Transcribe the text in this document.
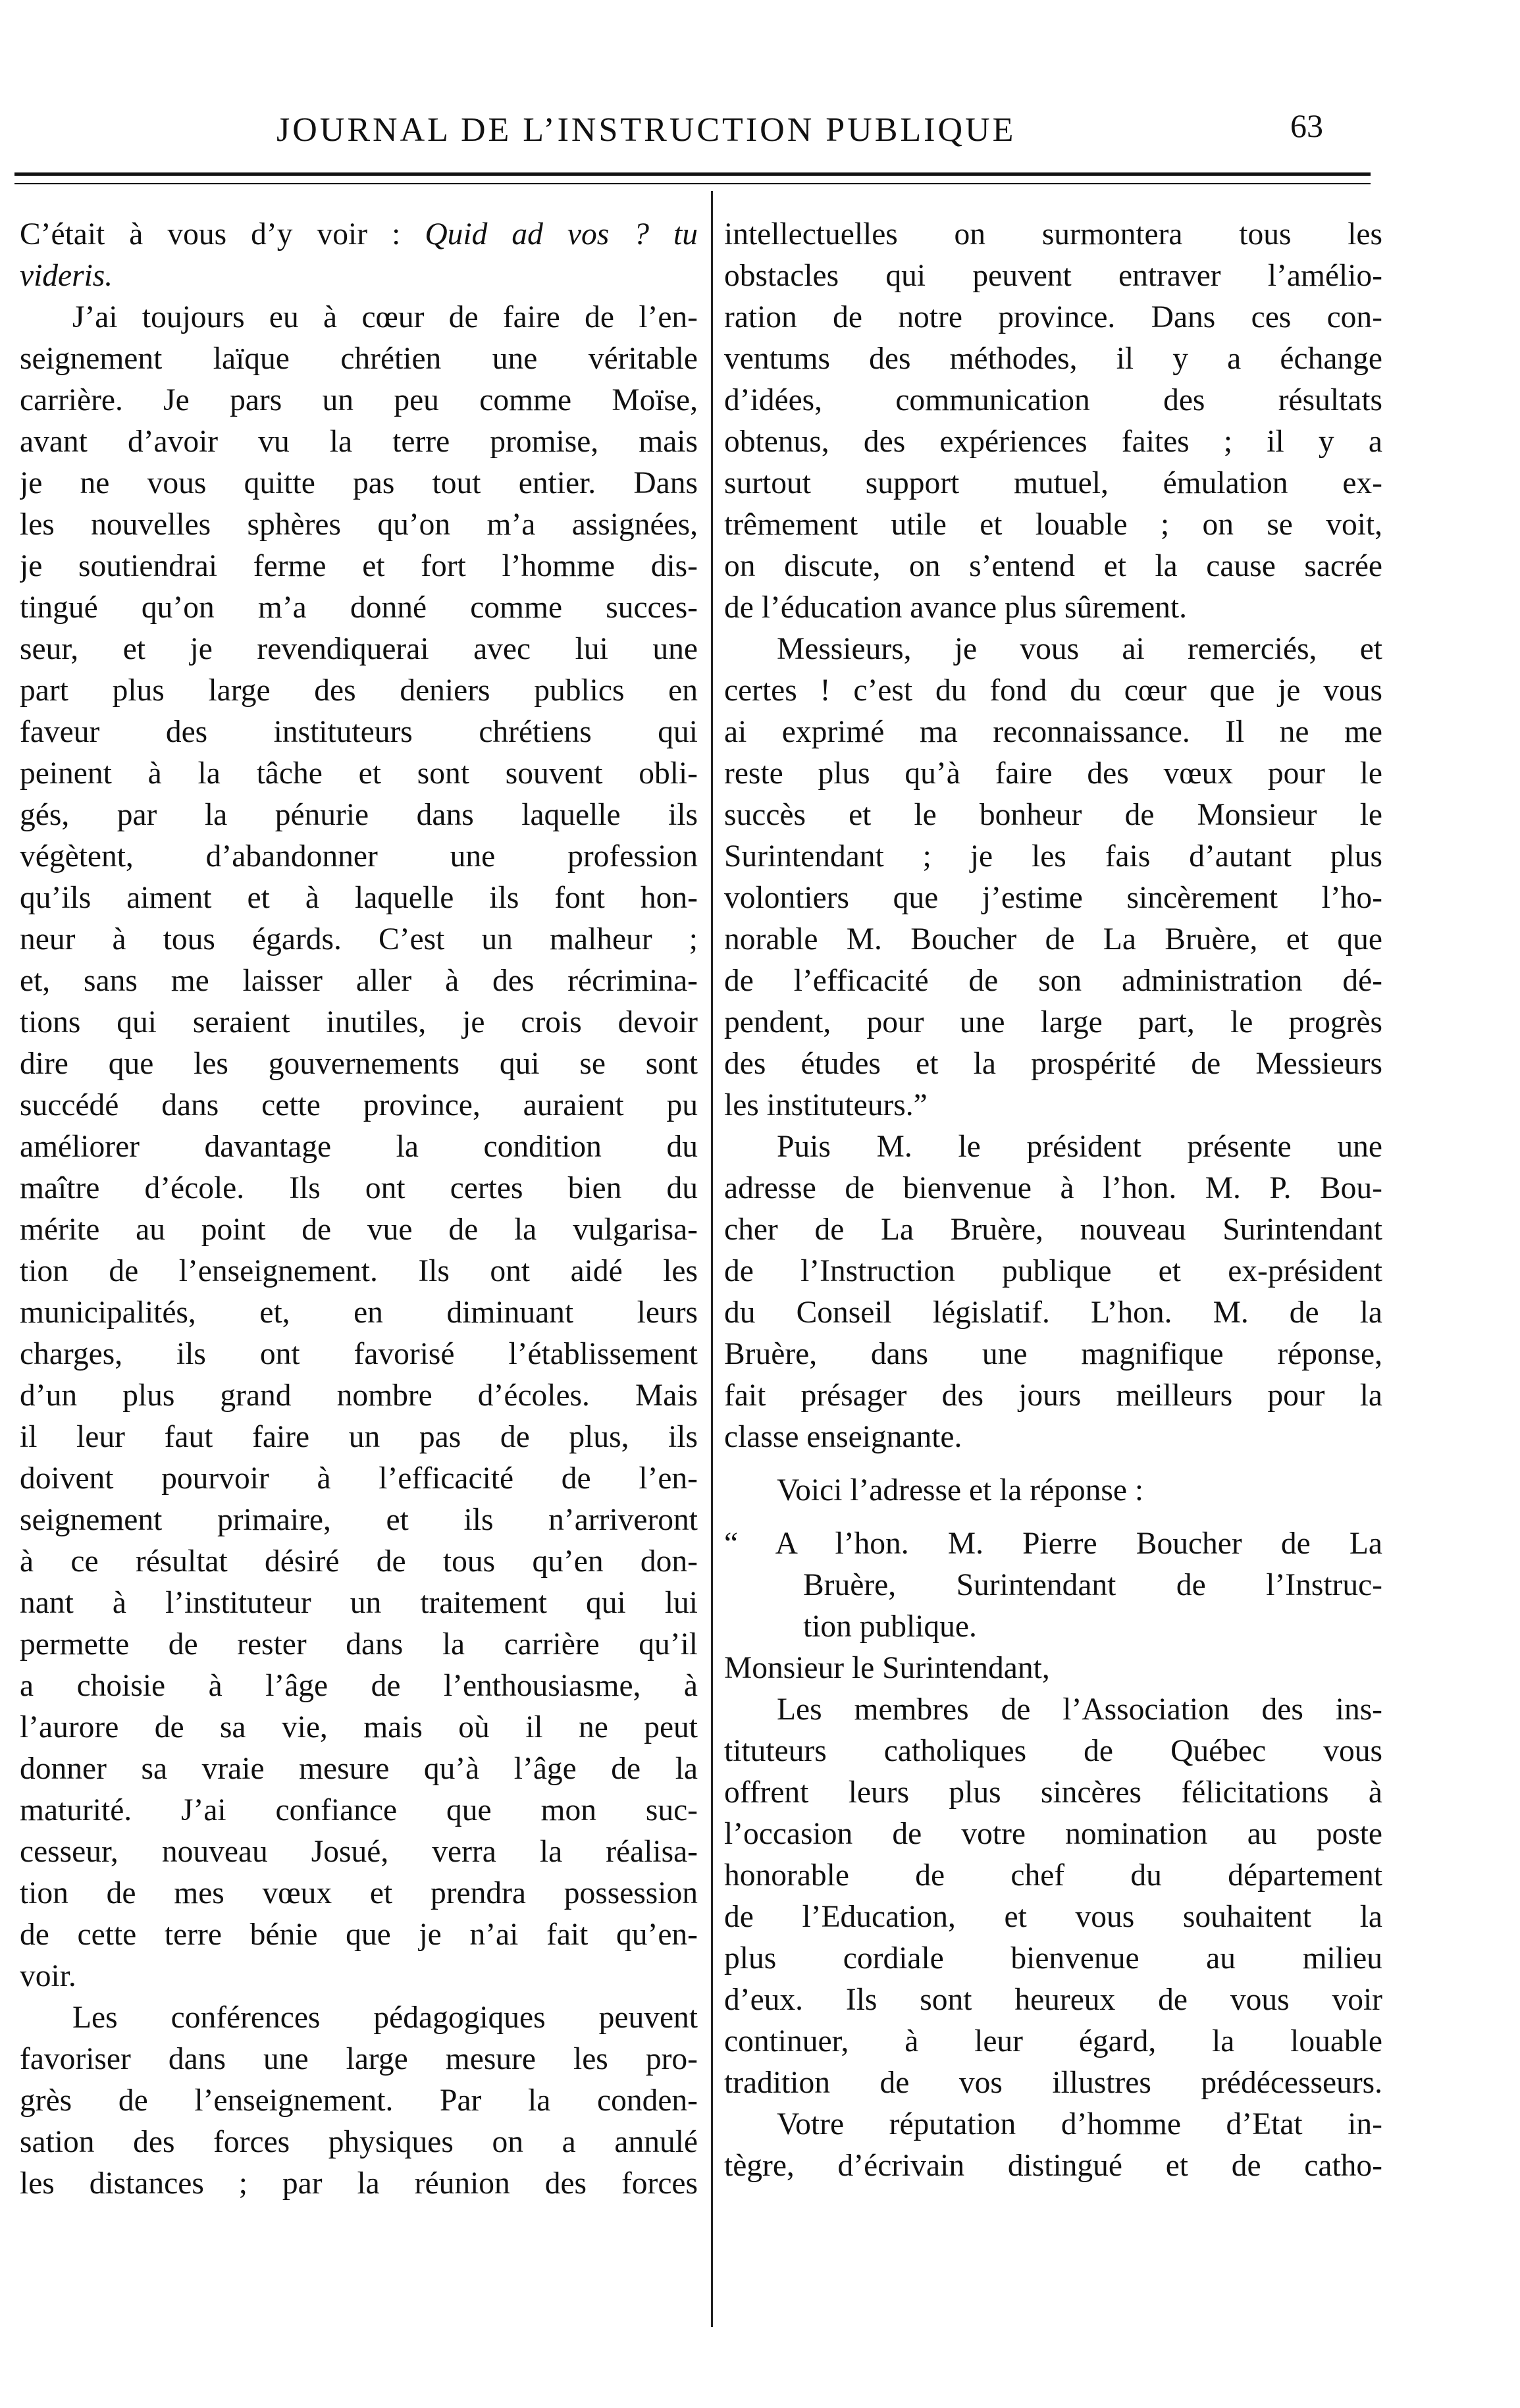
JOURNAL DE L’INSTRUCTION PUBLIQUE	63
C’était à vous d’y voir : Quid ad vos ? tu
videris.
J’ai toujours eu à cœur de faire de l’en-
seignement laïque chrétien une véritable
carrière. Je pars un peu comme Moïse,
avant d’avoir vu la terre promise, mais
je ne vous quitte pas tout entier. Dans
les nouvelles sphères qu’on m’a assignées,
je soutiendrai ferme et fort l’homme dis-
tingué qu’on m’a donné comme succes-
seur, et je revendiquerai avec lui une
part plus large des deniers publics en
faveur des instituteurs chrétiens qui
peinent à la tâche et sont souvent obli-
gés, par la pénurie dans laquelle ils
végètent, d’abandonner une profession
qu’ils aiment et à laquelle ils font hon-
neur à tous égards. C’est un malheur ;
et, sans me laisser aller à des récrimina-
tions qui seraient inutiles, je crois devoir
dire que les gouvernements qui se sont
succédé dans cette province, auraient pu
améliorer davantage la condition du
maître d’école. Ils ont certes bien du
mérite au point de vue de la vulgarisa-
tion de l’enseignement. Ils ont aidé les
municipalités, et, en diminuant leurs
charges, ils ont favorisé l’établissement
d’un plus grand nombre d’écoles. Mais
il leur faut faire un pas de plus, ils
doivent pourvoir à l’efficacité de l’en-
seignement primaire, et ils n’arriveront
à ce résultat désiré de tous qu’en don-
nant à l’instituteur un traitement qui lui
permette de rester dans la carrière qu’il
a choisie à l’âge de l’enthousiasme, à
l’aurore de sa vie, mais où il ne peut
donner sa vraie mesure qu’à l’âge de la
maturité. J’ai confiance que mon suc-
cesseur, nouveau Josué, verra la réalisa-
tion de mes vœux et prendra possession
de cette terre bénie que je n’ai fait qu’en-
voir.
Les conférences pédagogiques peuvent
favoriser dans une large mesure les pro-
grès de l’enseignement. Par la conden-
sation des forces physiques on a annulé
les distances ; par la réunion des forces
intellectuelles on surmontera tous les
obstacles qui peuvent entraver l’amélio-
ration de notre province. Dans ces con-
ventums des méthodes, il y a échange
d’idées, communication des résultats
obtenus, des expériences faites ; il y a
surtout support mutuel, émulation ex-
trêmement utile et louable ; on se voit,
on discute, on s’entend et la cause sacrée
de l’éducation avance plus sûrement.
Messieurs, je vous ai remerciés, et
certes ! c’est du fond du cœur que je vous
ai exprimé ma reconnaissance. Il ne me
reste plus qu’à faire des vœux pour le
succès et le bonheur de Monsieur le
Surintendant ; je les fais d’autant plus
volontiers que j’estime sincèrement l’ho-
norable M. Boucher de La Bruère, et que
de l’efficacité de son administration dé-
pendent, pour une large part, le progrès
des études et la prospérité de Messieurs
les instituteurs.”
Puis M. le président présente une
adresse de bienvenue à l’hon. M. P. Bou-
cher de La Bruère, nouveau Surintendant
de l’Instruction publique et ex-président
du Conseil législatif. L’hon. M. de la
Bruère, dans une magnifique réponse,
fait présager des jours meilleurs pour la
classe enseignante.
Voici l’adresse et la réponse :
“ A l’hon. M. Pierre Boucher de La
Bruère, Surintendant de l’Instruc-
tion publique.
Monsieur le Surintendant,
Les membres de l’Association des ins-
tituteurs catholiques de Québec vous
offrent leurs plus sincères félicitations à
l’occasion de votre nomination au poste
honorable de chef du département
de l’Education, et vous souhaitent la
plus cordiale bienvenue au milieu
d’eux. Ils sont heureux de vous voir
continuer, à leur égard, la louable
tradition de vos illustres prédécesseurs.
Votre réputation d’homme d’Etat in-
tègre, d’écrivain distingué et de catho-
